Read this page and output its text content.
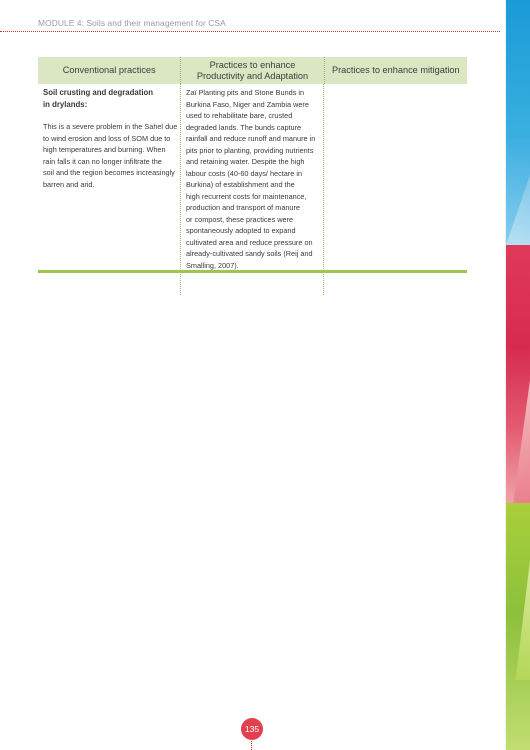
MODULE 4: Soils and their management for CSA
Conventional practices
Practices to enhance
Productivity and Adaptation
Practices to enhance mitigation
Soil crusting and degradation
in drylands:
This is a severe problem in the Sahel due
to wind erosion and loss of SOM due to
high temperatures and burning. When
rain falls it can no longer infiltrate the
soil and the region becomes increasingly
barren and arid.
Zaï Planting pits and Stone Bunds in
Burkina Faso, Niger and Zambia were
used to rehabilitate bare, crusted
degraded lands. The bunds capture
rainfall and reduce runoff and manure in
pits prior to planting, providing nutrients
and retaining water. Despite the high
labour costs (40-60 days/ hectare in
Burkina) of establishment and the
high recurrent costs for maintenance,
production and transport of manure
or compost, these practices were
spontaneously adopted to expand
cultivated area and reduce pressure on
already-cultivated sandy soils (Reij and
Smalling, 2007).
135
